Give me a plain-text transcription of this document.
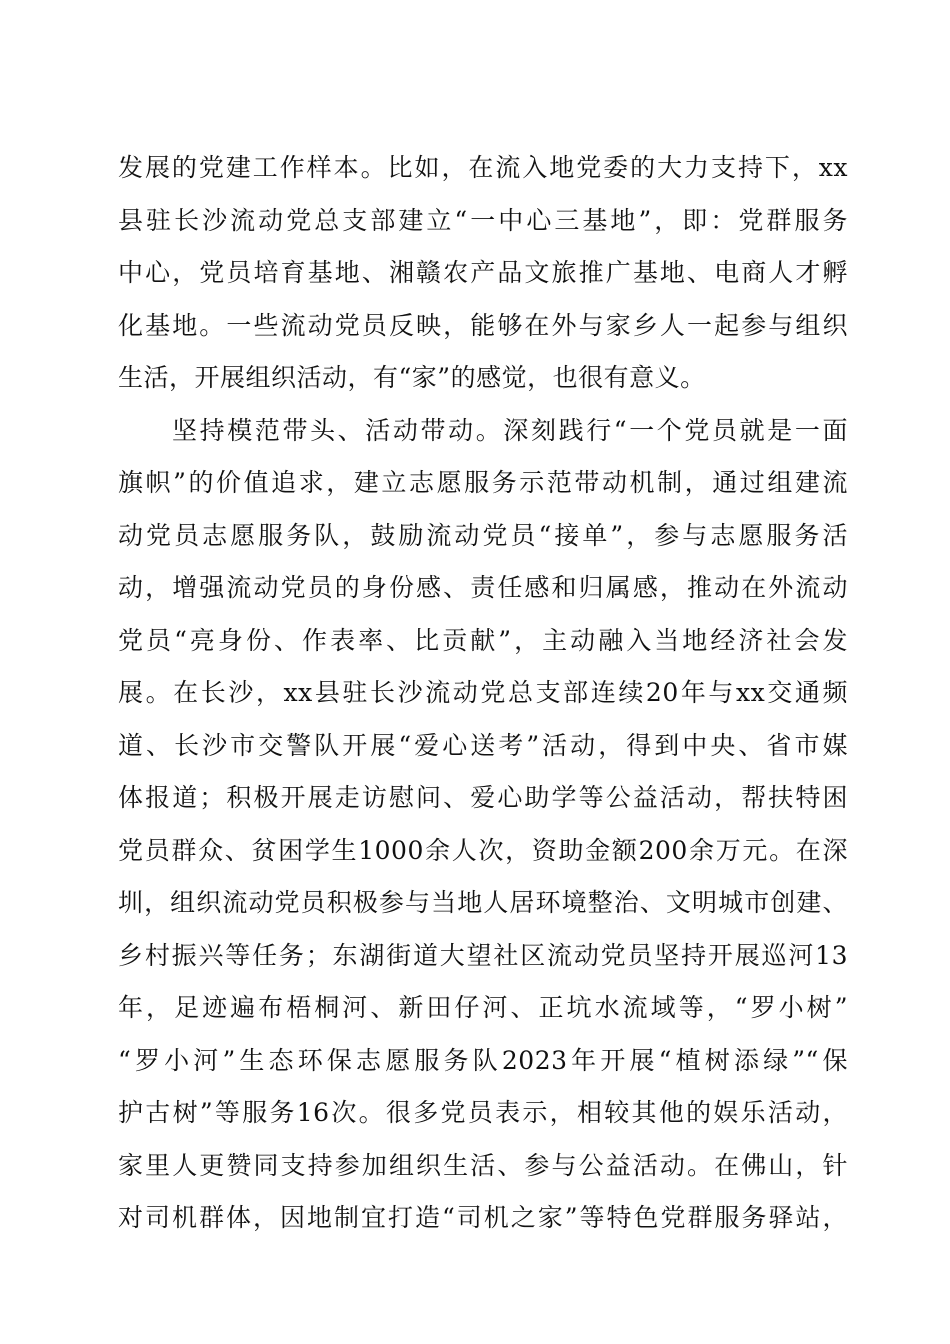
发展的党建工作样本。比如，在流入地党委的大力支持下，xx
县驻长沙流动党总支部建立“一中心三基地”，即：党群服务
中心，党员培育基地、湘赣农产品文旅推广基地、电商人才孵
化基地。一些流动党员反映，能够在外与家乡人一起参与组织
生活，开展组织活动，有“家”的感觉，也很有意义。
坚持模范带头、活动带动。深刻践行“一个党员就是一面
旗帜”的价值追求，建立志愿服务示范带动机制，通过组建流
动党员志愿服务队，鼓励流动党员“接单”，参与志愿服务活
动，增强流动党员的身份感、责任感和归属感，推动在外流动
党员“亮身份、作表率、比贡献”，主动融入当地经济社会发
展。在长沙，xx县驻长沙流动党总支部连续20年与xx交通频
道、长沙市交警队开展“爱心送考”活动，得到中央、省市媒
体报道；积极开展走访慰问、爱心助学等公益活动，帮扶特困
党员群众、贫困学生1000余人次，资助金额200余万元。在深
圳，组织流动党员积极参与当地人居环境整治、文明城市创建、
乡村振兴等任务；东湖街道大望社区流动党员坚持开展巡河13
年，足迹遍布梧桐河、新田仔河、正坑水流域等，“罗小树”
“罗小河”生态环保志愿服务队2023年开展“植树添绿”“保
护古树”等服务16次。很多党员表示，相较其他的娱乐活动，
家里人更赞同支持参加组织生活、参与公益活动。在佛山，针
对司机群体，因地制宜打造“司机之家”等特色党群服务驿站，
